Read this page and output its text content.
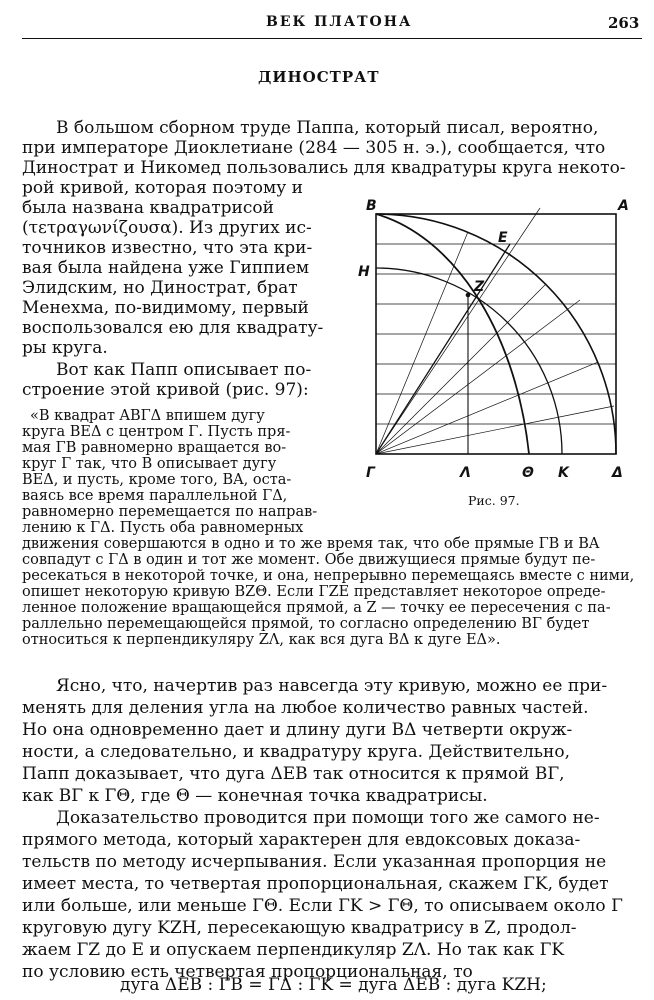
ВЕК ПЛАТОНА	263
ДИНОСТРАТ
В большом сборном труде Паппа, который писал, вероятно,
при императоре Диоклетиане (284 — 305 н. э.), сообщается, что
Динострат и Никомед пользовались для квадратуры круга некото-
рой кривой, которая поэтому и
была названа квадратрисой
(τετραγωνίζουσα). Из других ис-
точников известно, что эта кри-
вая была найдена уже Гиппием
Элидским, но Динострат, брат
Менехма, по-видимому, первый
воспользовался ею для квадрату-
ры круга.
Вот как Папп описывает по-
строение этой кривой (рис. 97):
«В квадрат ΑΒΓΔ впишем дугу
круга ΒΕΔ с центром Γ. Пусть пря-
мая ΓΒ равномерно вращается во-
круг Γ так, что Β описывает дугу
ΒΕΔ, и пусть, кроме того, ΒΑ, оста-
ваясь все время параллельной ΓΔ,
равномерно перемещается по направ-
лению к ΓΔ. Пусть оба равномерных
движения совершаются в одно и то же время так, что обе прямые ΓΒ и ΒΑ
совпадут с ΓΔ в один и тот же момент. Обе движущиеся прямые будут пе-
ресекаться в некоторой точке, и она, непрерывно перемещаясь вместе с ними,
опишет некоторую кривую ΒΖΘ. Если ΓΖΕ представляет некоторое опреде-
ленное положение вращающейся прямой, а Ζ — точку ее пересечения с па-
раллельно перемещающейся прямой, то согласно определению ΒΓ будет
относиться к перпендикуляру ΖΛ, как вся дуга ΒΔ к дуге ΕΔ».
Ясно, что, начертив раз навсегда эту кривую, можно ее при-
менять для деления угла на любое количество равных частей.
Но она одновременно дает и длину дуги ΒΔ четверти окруж-
ности, а следовательно, и квадратуру круга. Действительно,
Папп доказывает, что дуга ΔΕΒ так относится к прямой ΒΓ,
как ΒΓ к ΓΘ, где Θ — конечная точка квадратрисы.
Доказательство проводится при помощи того же самого не-
прямого метода, который характерен для евдоксовых доказа-
тельств по методу исчерпывания. Если указанная пропорция не
имеет места, то четвертая пропорциональная, скажем ΓΚ, будет
или больше, или меньше ΓΘ. Если ΓΚ > ΓΘ, то описываем около Γ
круговую дугу ΚΖΗ, пересекающую квадратрису в Ζ, продол-
жаем ΓΖ до Ε и опускаем перпендикуляр ΖΛ. Но так как ΓΚ
по условию есть четвертая пропорциональная, то
дуга ΔΕΒ : ΓΒ = ΓΔ : ΓΚ = дуга ΔΕΒ : дуга ΚΖΗ;
B	A
E
H
Z
Γ	Λ	Θ K	Δ
Рис. 97.
